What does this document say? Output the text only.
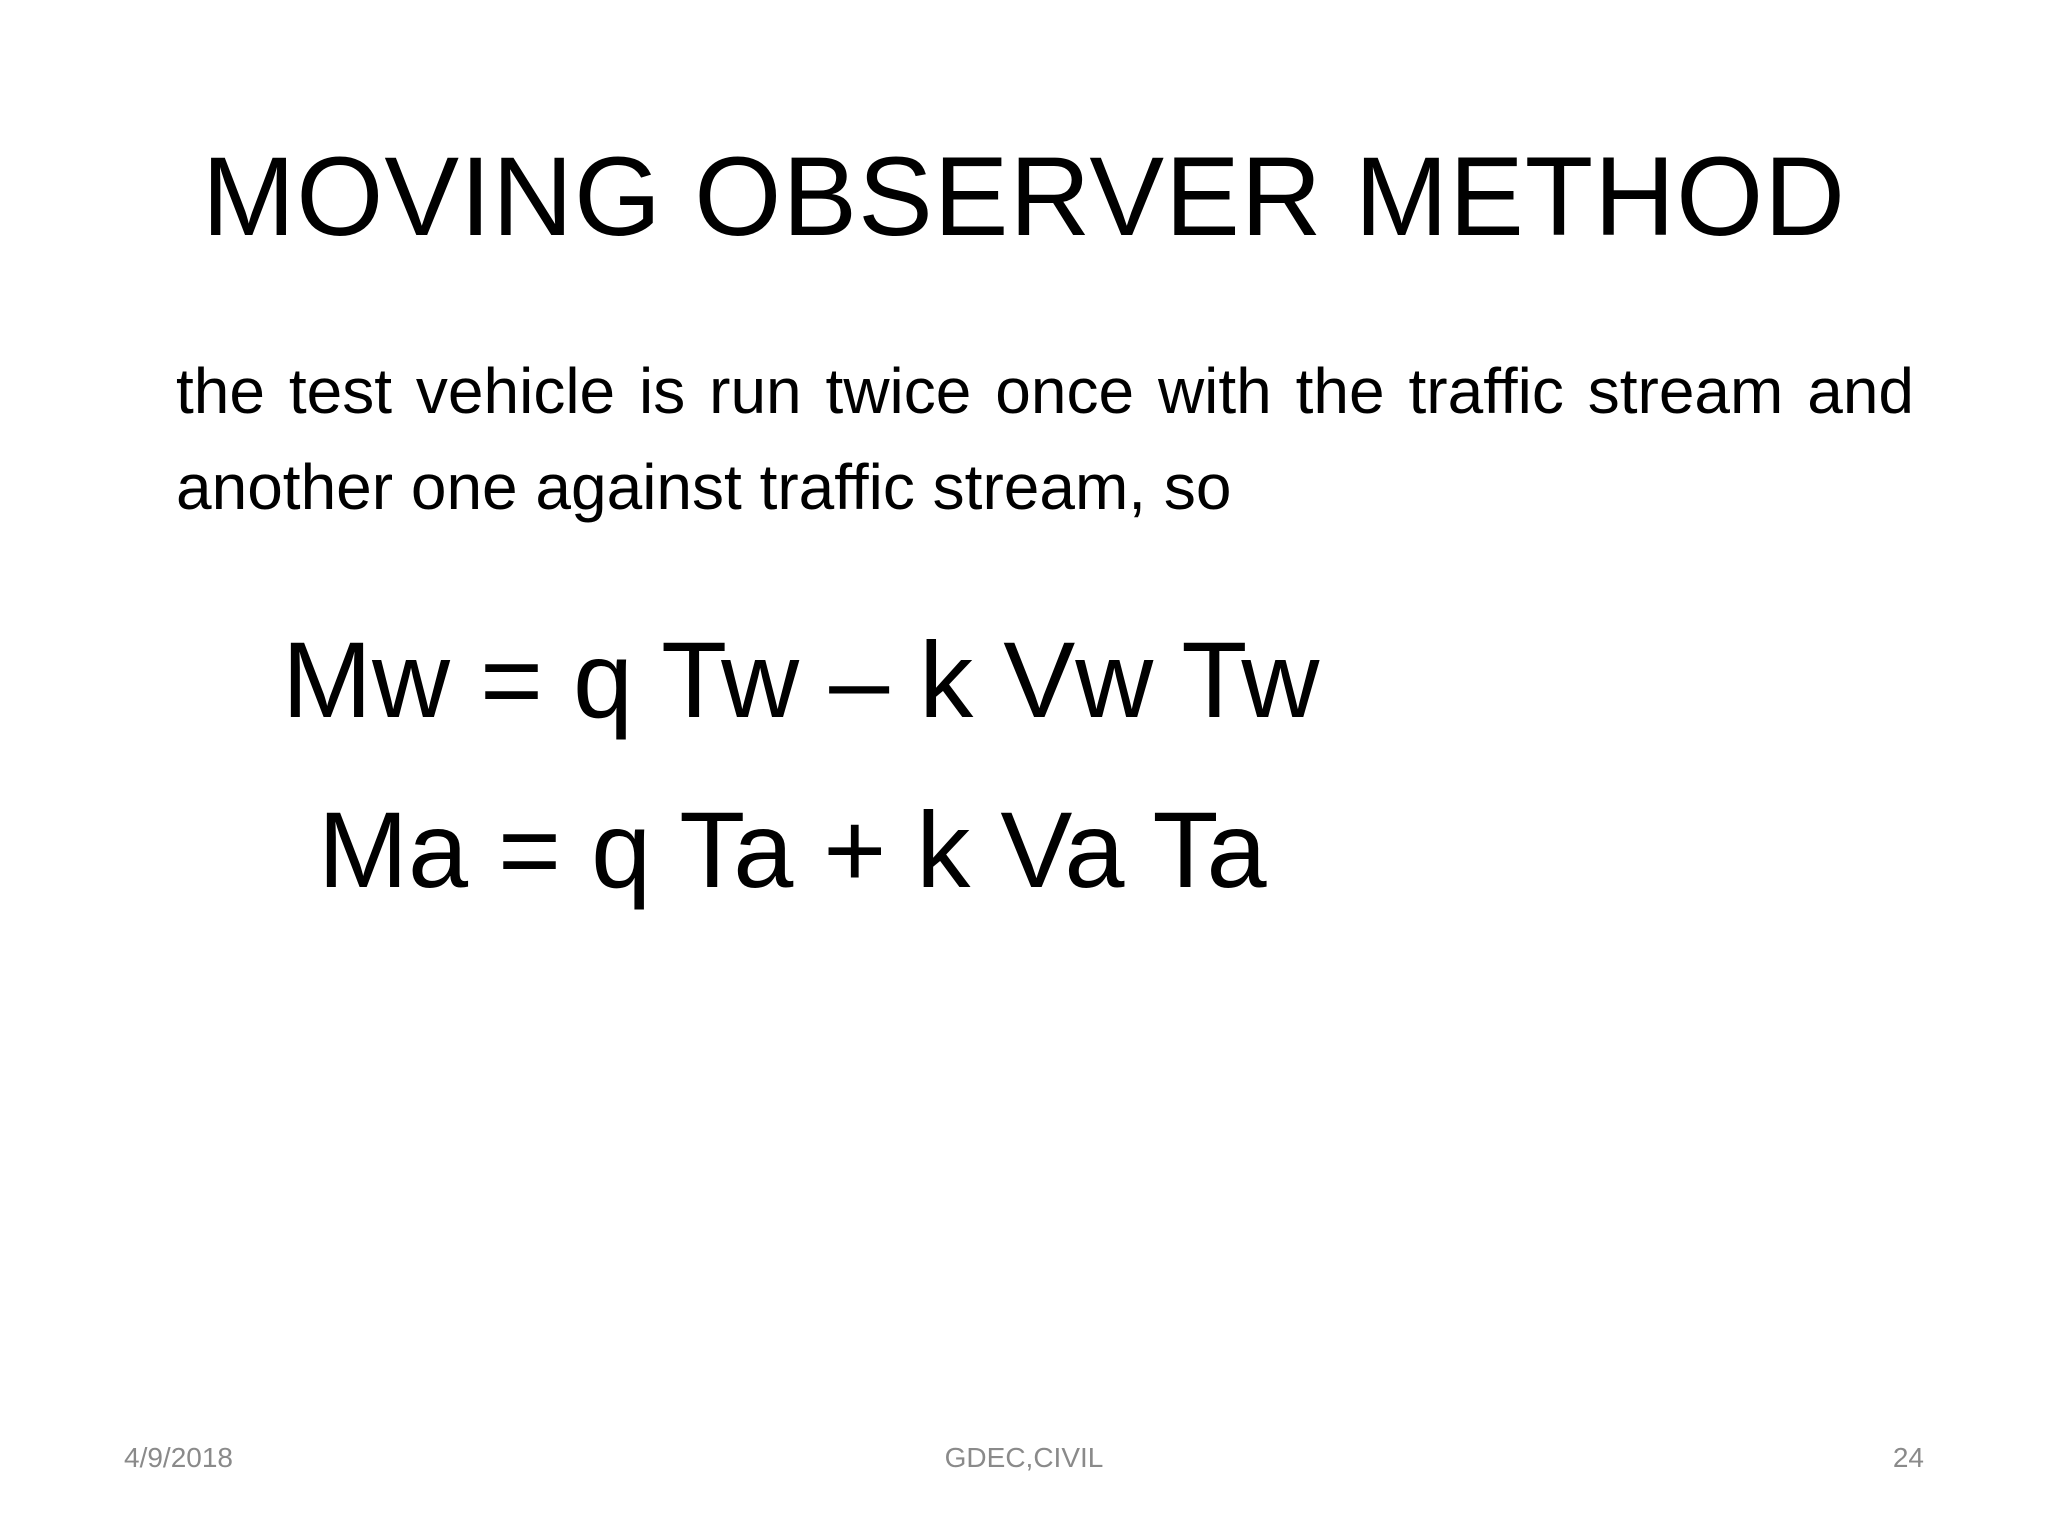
MOVING OBSERVER METHOD

the test vehicle is run twice once with the traffic stream and another one against traffic stream, so

Mw = q Tw – k Vw Tw
Ma = q Ta + k Va Ta
GDEC,CIVIL
4/9/2018	24
